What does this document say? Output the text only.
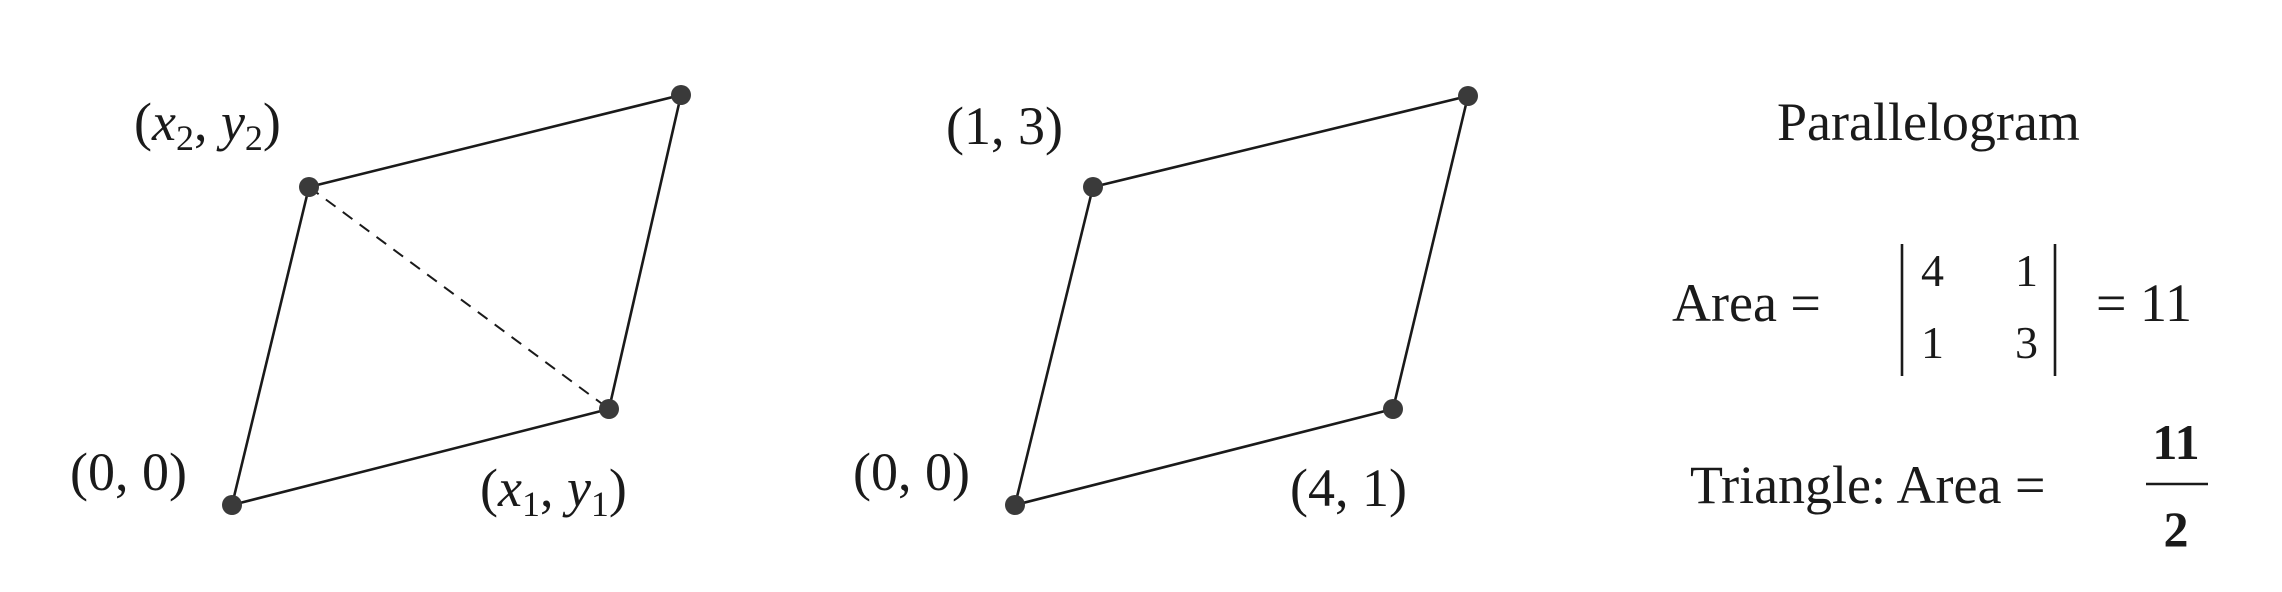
(0, 0)	(x1, y1)
(x2, y2)
(0, 0)	(4, 1)
(1, 3)	Parallelogram
Area =
4 1
1 3
= 11
Triangle: Area =
11
2
